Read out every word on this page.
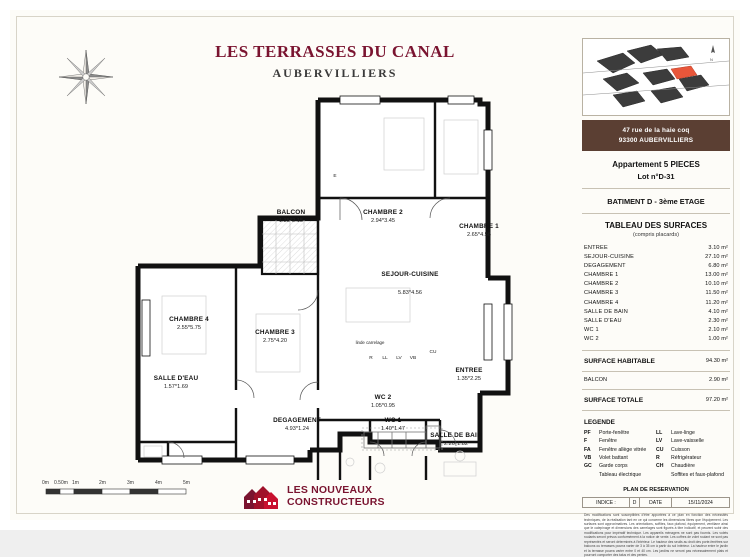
LES TERRASSES DU CANAL
AUBERVILLIERS
CHAMBRE 2
2.94*3.45
CHAMBRE 1
2.65*4.56
BALCON
1.35*2.15
SEJOUR-CUISINE
5.83*4.56
CHAMBRE 4
2.55*5.75
CHAMBRE 3
2.75*4.20
SALLE D'EAU
1.57*1.69
ENTREE
1.35*2.25
WC 2
1.05*0.95
WC 1
1.40*1.47
DEGAGEMENT
4.93*1.24
SALLE DE BAIN
2.20*1.82
linde carrelage
R	LL	LV
CU
VB
E
0m 0.50m 1m	2m	3m	4m	5m
LES NOUVEAUX
CONSTRUCTEURS
N
47 rue de la haie coq
93300 AUBERVILLIERS
Appartement 5 PIECES
Lot n°D-31
BATIMENT D - 3ème ETAGE
TABLEAU DES SURFACES
(compris placards)
ENTREE	3.10 m²
SEJOUR-CUISINE	27.10 m²
DEGAGEMENT	6.80 m²
CHAMBRE 1	13.00 m²
CHAMBRE 2	10.10 m²
CHAMBRE 3	11.50 m²
CHAMBRE 4	11.20 m²
SALLE DE BAIN	4.10 m²
SALLE D'EAU	2.30 m²
WC 1	2.10 m²
WC 2	1.00 m²
SURFACE HABITABLE	94.30 m²
BALCON	2.90 m²
SURFACE TOTALE	97.20 m²
LEGENDE
PF Porte-fenêtre
F Fenêtre
FA Fenêtre allège vitrée
VB Volet battant
GC Garde corps
Tableau électrique
LL Lave-linge
LV Lave-vaisselle
CU Cuisson
R Réfrigérateur
CH Chaudière
Soffites et faux-plafond
PLAN DE RESERVATION
INDICE :	D	DATE	15/11/2024
Des modifications sont susceptibles d'être apportées à ce plan en fonction des nécessités techniques, de la réalisation tant en ce qui concerne les dimensions libres que l'équipement. Les surfaces sont approximatives. Les orientations, soffites, faux plafond, équipement, ventilane ainsi que le calepinage et dimensions des carrelages sont figurés à titre indicatif, et peuvent subir des modifications pour impératif technique. Les appareils ménagers ne sont pas fournis. Les volets roulants seront prévus conformément à la notice de vente. Les coffres de volet roulant ne sont pas représentés et seront déterminés à l'intérieur. Le hauteur des seuils au droit des porte-fenêtres sur balcons ou terrasses pourra varier de 3 à 35 cm à partir du sol intérieur. La hauteur entre le jardin et la terrasse pourra varier entre 0 et 40 cm. Les jardins ne seront pas nécessairement plats et pourront comporter des talus et des pentes.
